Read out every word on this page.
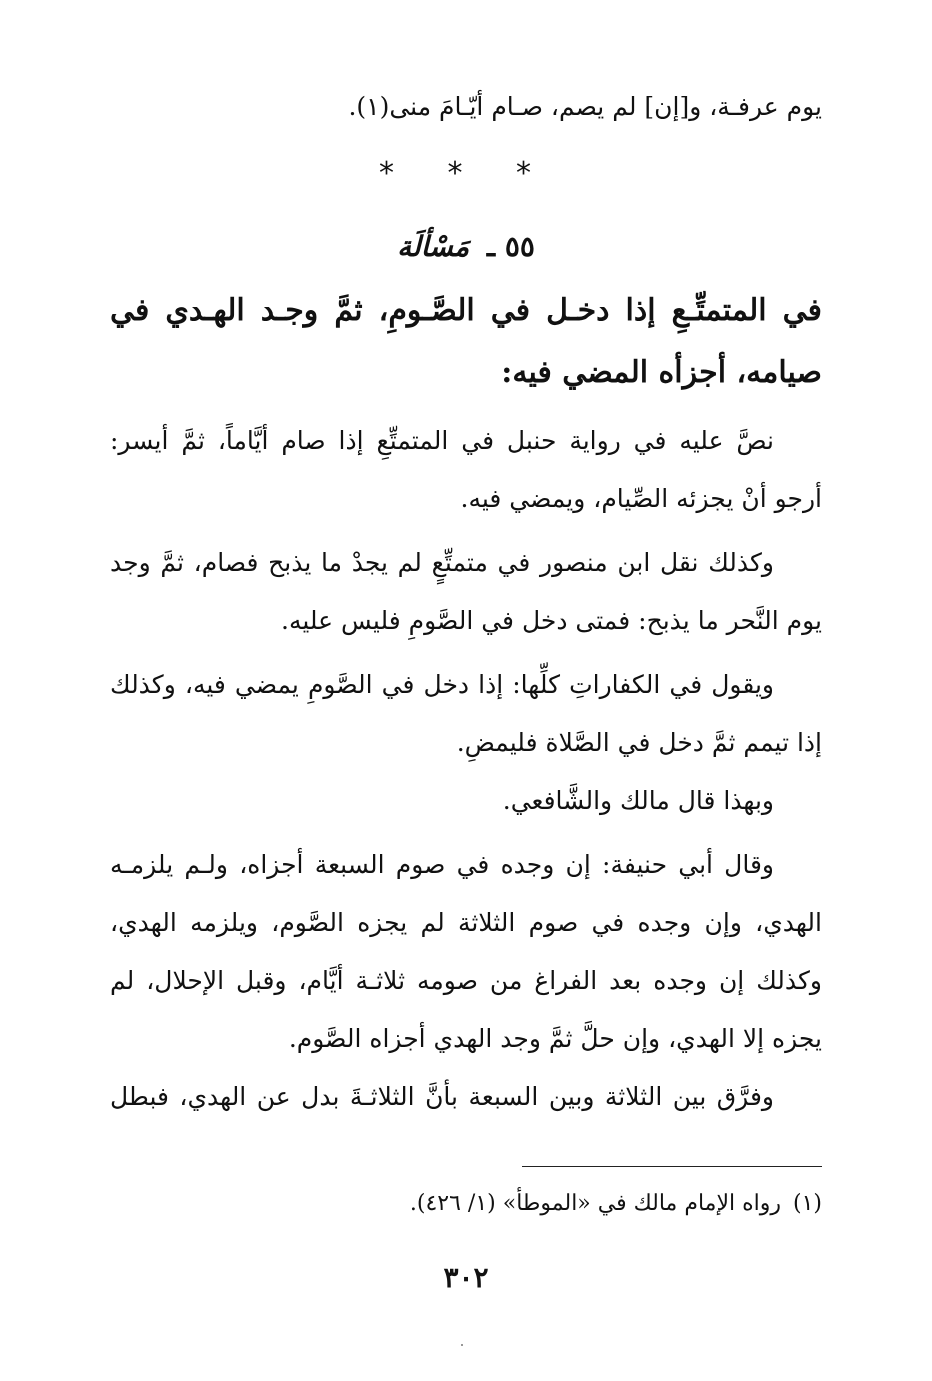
يوم عرفـة، و[إن] لم يصم، صـام أيّـامَ منى(١).
* * *
٥٥ ـ مَسْألَة
في المتمتِّـعِ إذا دخـل في الصَّـومِ، ثمَّ وجـد الهـدي في
صيامه، أجزأه المضي فيه:
نصَّ عليه في رواية حنبل في المتمتِّعِ إذا صام أيَّاماً، ثمَّ أيسر:
أرجو أنْ يجزئه الصِّيام، ويمضي فيه.
وكذلك نقل ابن منصور في متمتِّعٍ لم يجدْ ما يذبح فصام، ثمَّ وجد
يوم النَّحر ما يذبح: فمتى دخل في الصَّومِ فليس عليه.
ويقول في الكفاراتِ كلِّها: إذا دخل في الصَّومِ يمضي فيه، وكذلك
إذا تيمم ثمَّ دخل في الصَّلاة فليمضِ.
وبهذا قال مالك والشَّافعي.
وقال أبي حنيفة: إن وجده في صوم السبعة أجزاه، ولـم يلزمـه
الهدي، وإن وجده في صوم الثلاثة لم يجزه الصَّوم، ويلزمه الهدي،
وكذلك إن وجده بعد الفراغ من صومه ثلاثـة أيَّام، وقبل الإحلال، لم
يجزه إلا الهدي، وإن حلَّ ثمَّ وجد الهدي أجزاه الصَّوم.
وفرَّق بين الثلاثة وبين السبعة بأنَّ الثلاثـةَ بدل عن الهدي، فبطل
(١)رواه الإمام مالك في «الموطأ» (١/ ٤٢٦).
٣٠٢
